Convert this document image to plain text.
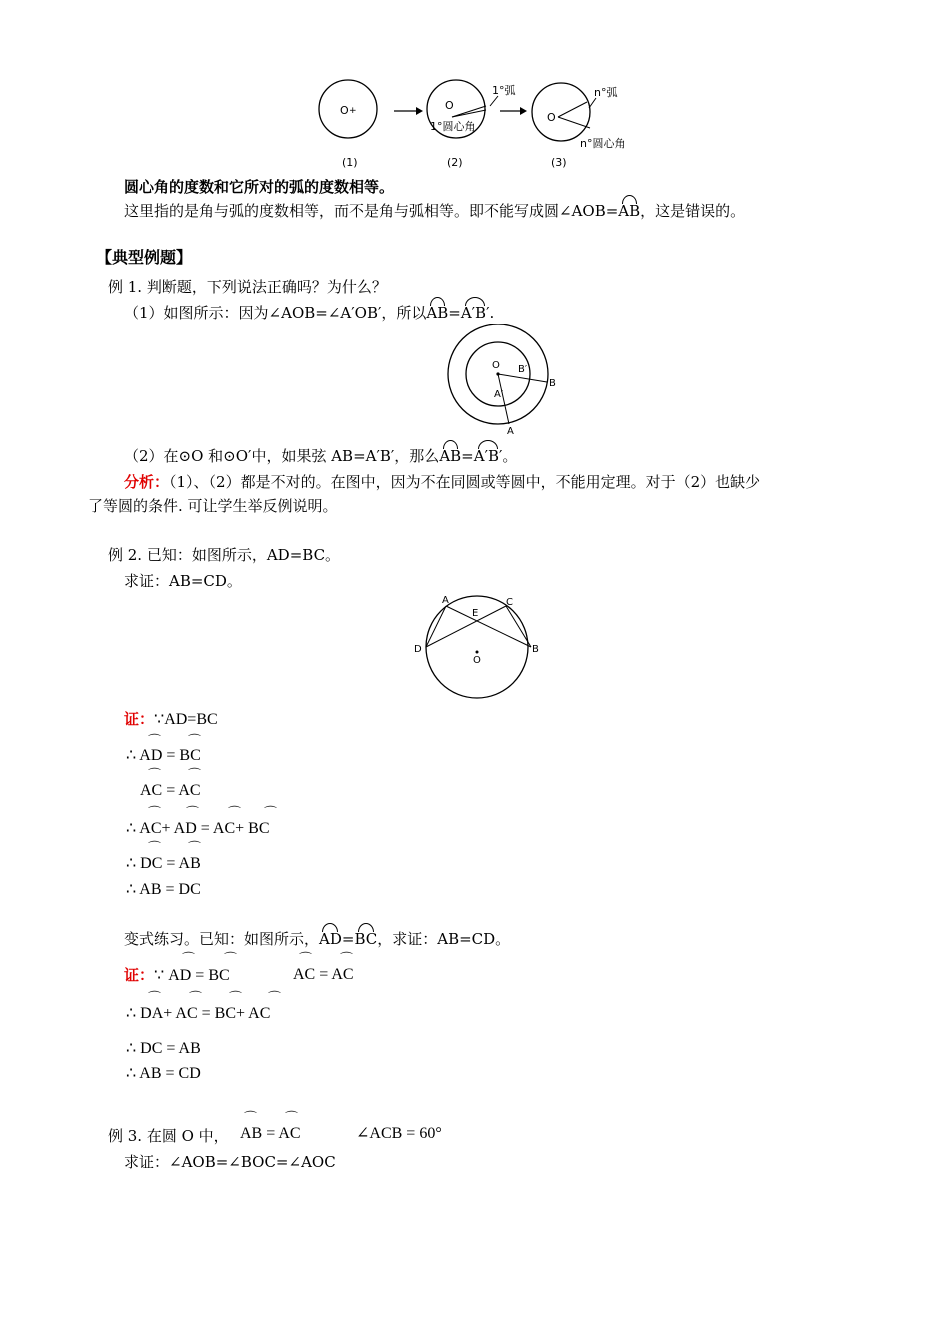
O +	O
1°弧
1°圆心角
O
n°弧
n°圆心角
(1)	(2)	(3)
圆心角的度数和它所对的弧的度数相等。
这里指的是角与弧的度数相等，而不是角与弧相等。即不能写成圆∠AOB=AB，这是错误的。
【典型例题】
例 1. 判断题，下列说法正确吗？为什么？
（1）如图所示：因为∠AOB=∠A′OB′，所以AB=A′B′.
O B′
B
A′
A
（2）在⊙O 和⊙O′中，如果弦 AB=A′B′，那么AB=A′B′。
分析：（1）、（2）都是不对的。在图中，因为不在同圆或等圆中，不能用定理。对于（2）也缺少
了等圆的条件. 可让学生举反例说明。
例 2. 已知：如图所示，AD=BC。
求证：AB=CD。
A
E
C
D	B
O
证：∵AD=BC
⌒ ⌒
∴ AD = BC
⌒ ⌒
AC = AC
⌒ ⌒ ⌒ ⌒
∴ AC+ AD = AC+ BC
⌒ ⌒
∴ DC = AB
∴ AB = DC
变式练习。已知：如图所示，AD=BC，求证：AB=CD。
⌒ ⌒	⌒ ⌒
证：∵ AD = BC	AC = AC
⌒ ⌒ ⌒ ⌒
∴ DA+ AC = BC+ AC
∴ DC = AB
∴ AB = CD
⌒ ⌒
例 3. 在圆 O 中， AB = AC	∠ACB = 60°
求证：∠AOB=∠BOC=∠AOC
